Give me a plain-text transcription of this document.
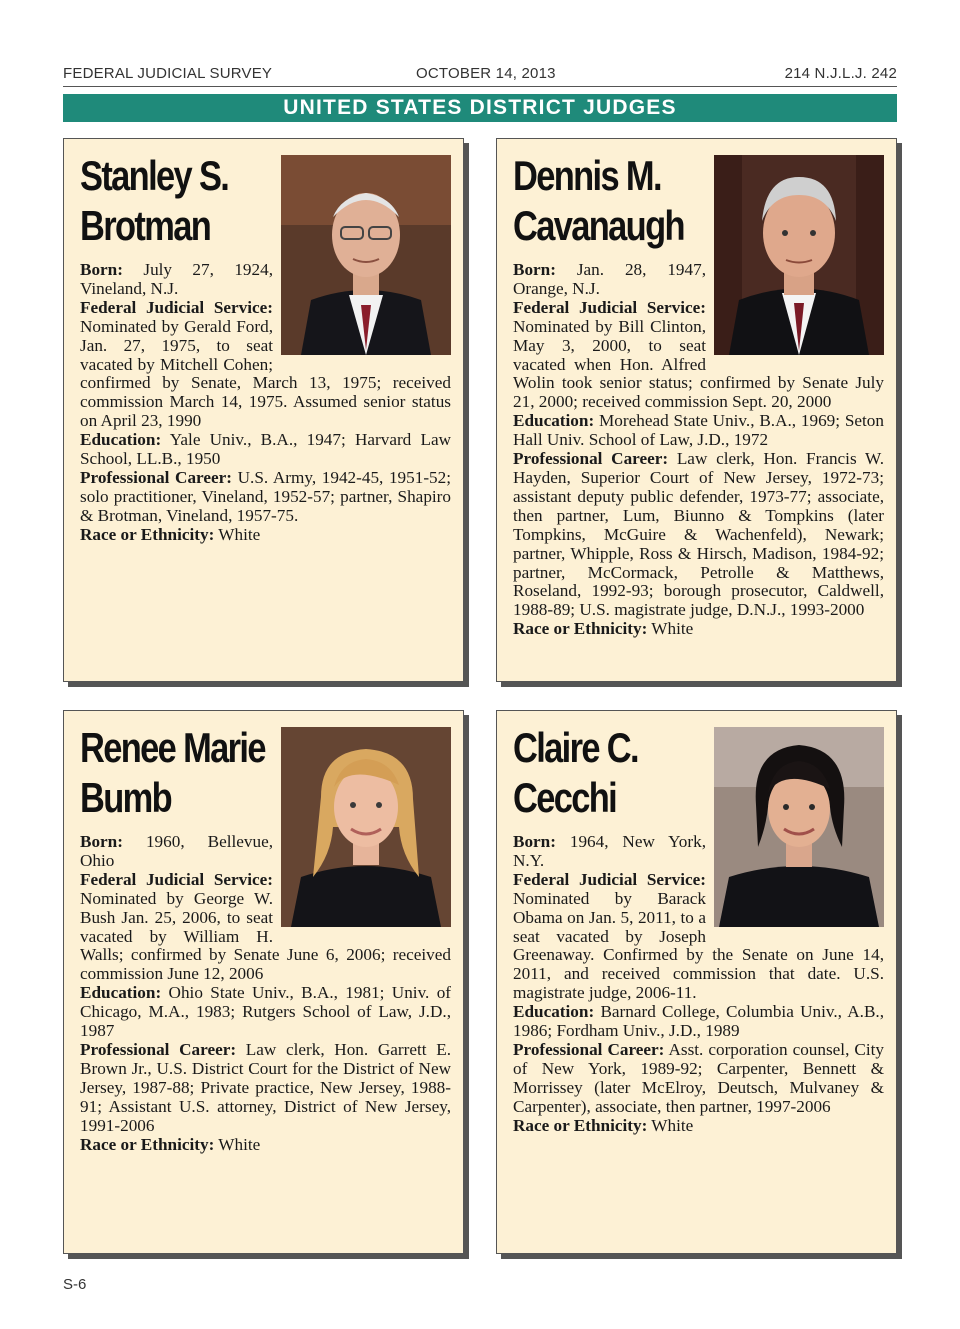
FEDERAL JUDICIAL SURVEY	OCTOBER 14, 2013	214 N.J.L.J. 242
UNITED STATES DISTRICT JUDGES
Stanley S.
Brotman

Born: July 27, 1924, Vineland, N.J.

Federal Judicial Service: Nominated by Gerald Ford, Jan. 27, 1975, to seat vacated by Mitchell Cohen; confirmed by Senate, March 13, 1975; received commission March 14, 1975. Assumed senior status on April 23, 1990

Education: Yale Univ., B.A., 1947; Harvard Law School, LL.B., 1950

Professional Career: U.S. Army, 1942-45, 1951-52; solo practitioner, Vineland, 1952-57; partner, Shapiro & Brotman, Vineland, 1957-75.

Race or Ethnicity: White

Dennis M.
Cavanaugh

Born: Jan. 28, 1947, Orange, N.J.

Federal Judicial Service: Nominated by Bill Clinton, May 3, 2000, to seat vacated when Hon. Alfred Wolin took senior status; confirmed by Senate July 21, 2000; received commission Sept. 20, 2000

Education: Morehead State Univ., B.A., 1969; Seton Hall Univ. School of Law, J.D., 1972

Professional Career: Law clerk, Hon. Francis W. Hayden, Superior Court of New Jersey, 1972-73; assistant deputy public defender, 1973-77; associate, then partner, Lum, Biunno & Tompkins (later Tompkins, McGuire & Wachenfeld), Newark; partner, Whipple, Ross & Hirsch, Madison, 1984-92; partner, McCormack, Petrolle & Matthews, Roseland, 1992-93; borough prosecutor, Caldwell, 1988-89; U.S. magistrate judge, D.N.J., 1993-2000

Race or Ethnicity: White

Renee Marie
Bumb

Born: 1960, Bellevue, Ohio

Federal Judicial Service: Nominated by George W. Bush Jan. 25, 2006, to seat vacated by William H. Walls; confirmed by Senate June 6, 2006; received commission June 12, 2006

Education: Ohio State Univ., B.A., 1981; Univ. of Chicago, M.A., 1983; Rutgers School of Law, J.D., 1987

Professional Career: Law clerk, Hon. Garrett E. Brown Jr., U.S. District Court for the District of New Jersey, 1987-88; Private practice, New Jersey, 1988-91; Assistant U.S. attorney, District of New Jersey, 1991-2006

Race or Ethnicity: White

Claire C.
Cecchi

Born: 1964, New York, N.Y.

Federal Judicial Service: Nominated by Barack Obama on Jan. 5, 2011, to a seat vacated by Joseph Greenaway. Confirmed by the Senate on June 14, 2011, and received commission that date. U.S. magistrate judge, 2006-11.

Education: Barnard College, Columbia Univ., A.B., 1986; Fordham Univ., J.D., 1989

Professional Career: Asst. corporation counsel, City of New York, 1989-92; Carpenter, Bennett & Morrissey (later McElroy, Deutsch, Mulvaney & Carpenter), associate, then partner, 1997-2006

Race or Ethnicity: White

S-6
